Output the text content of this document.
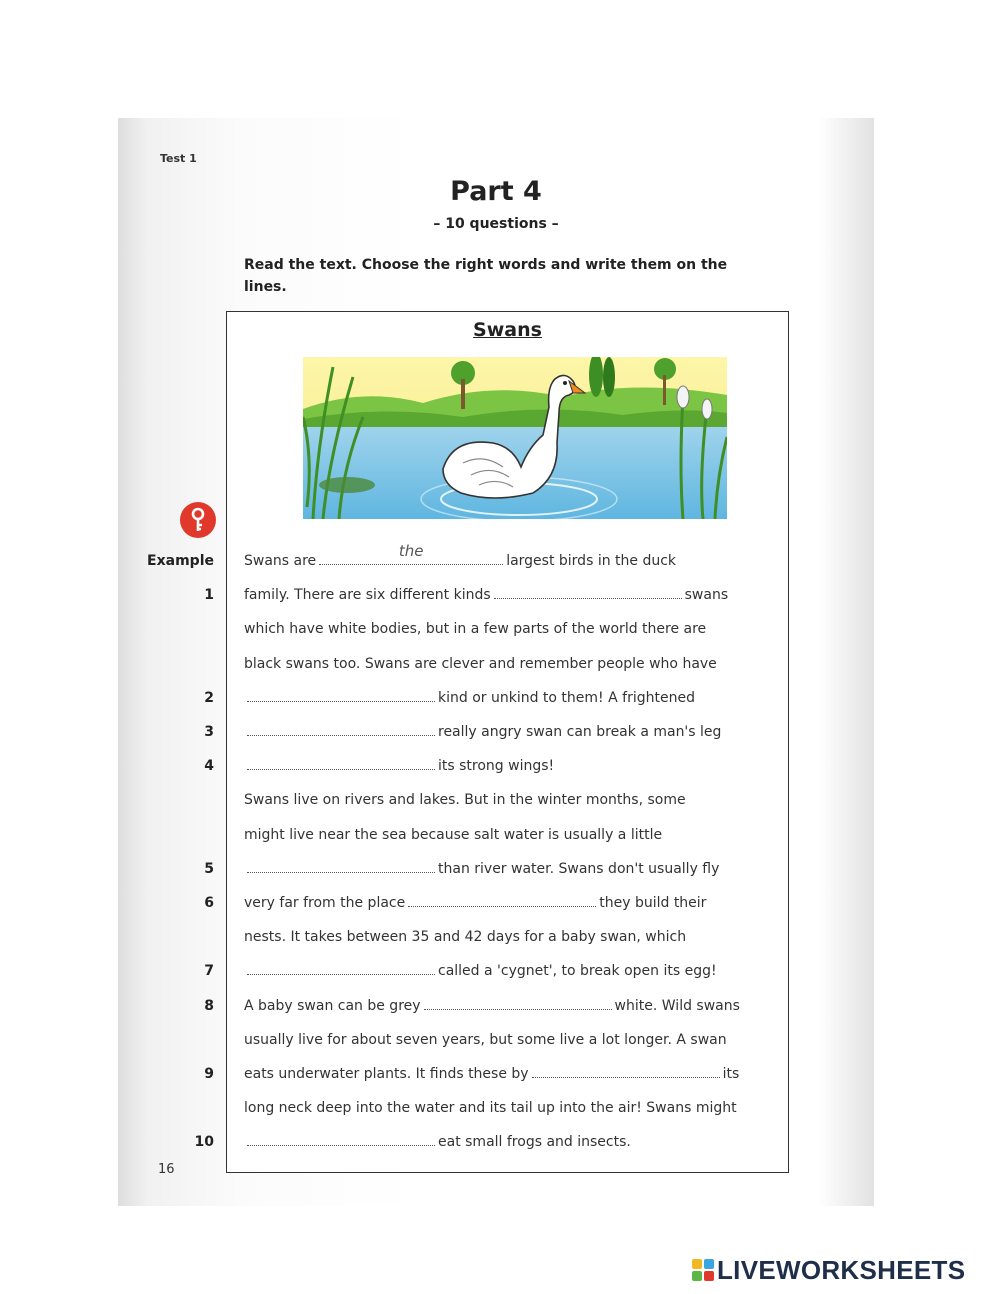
Test 1
Part 4
– 10 questions –
Read the text. Choose the right words and write them on the lines.
Swans
Example Swans are
the
largest birds in the duck
1 family. There are six different kinds	swans
which have white bodies, but in a few parts of the world there are
black swans too. Swans are clever and remember people who have
2	kind or unkind to them! A frightened
3	really angry swan can break a man's leg
4	its strong wings!
Swans live on rivers and lakes. But in the winter months, some
might live near the sea because salt water is usually a little
5	than river water. Swans don't usually fly
6 very far from the place	they build their
nests. It takes between 35 and 42 days for a baby swan, which
7	called a 'cygnet', to break open its egg!
8 A baby swan can be grey	white. Wild swans
usually live for about seven years, but some live a lot longer. A swan
9 eats underwater plants. It finds these by	its
long neck deep into the water and its tail up into the air! Swans might
10	eat small frogs and insects.
16
LIVEWORKSHEETS
